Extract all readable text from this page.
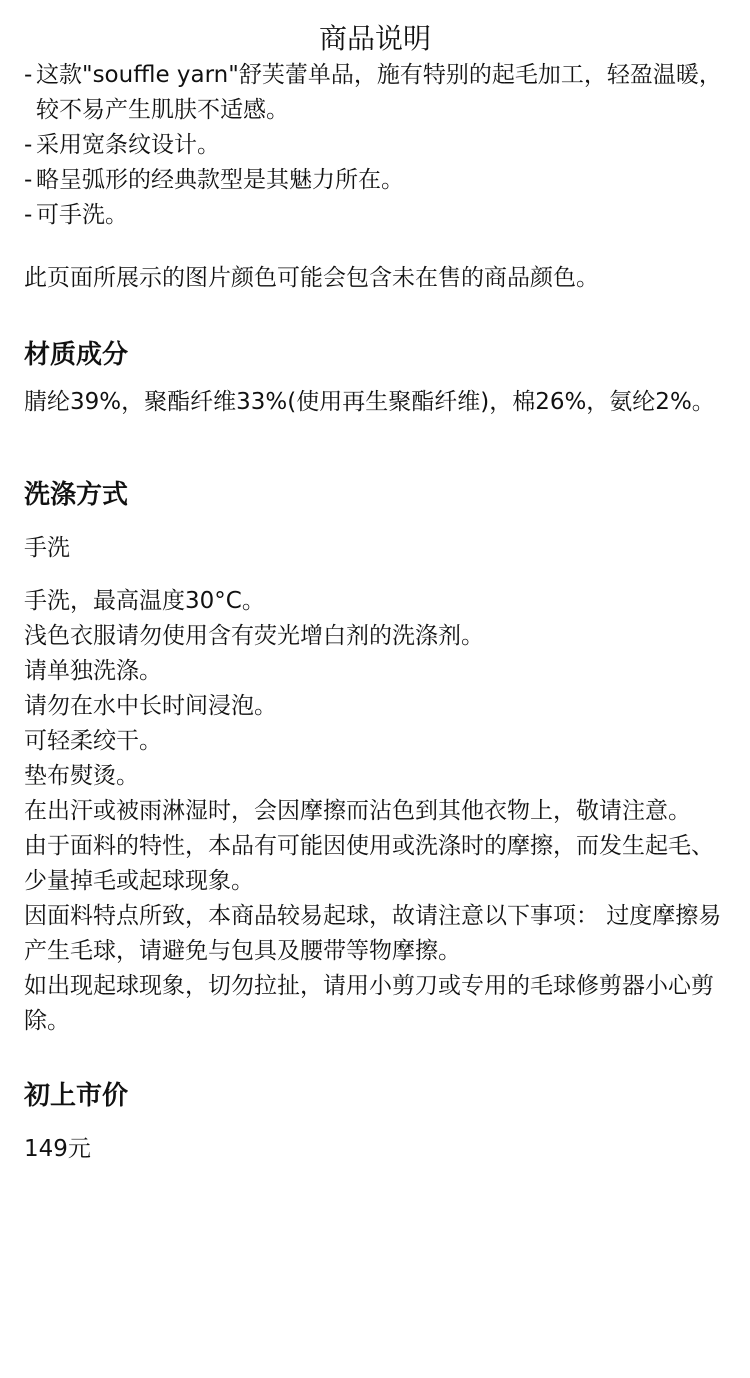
商品说明
- 这款"souffle yarn"舒芙蕾单品，施有特别的起毛加工，轻盈温暖，较不易产生肌肤不适感。
- 采用宽条纹设计。
- 略呈弧形的经典款型是其魅力所在。
- 可手洗。
此页面所展示的图片颜色可能会包含未在售的商品颜色。
材质成分
腈纶39%，聚酯纤维33%(使用再生聚酯纤维)，棉26%，氨纶2%。
洗涤方式
手洗
手洗，最高温度30°C。
浅色衣服请勿使用含有荧光增白剂的洗涤剂。
请单独洗涤。
请勿在水中长时间浸泡。
可轻柔绞干。
垫布熨烫。
在出汗或被雨淋湿时，会因摩擦而沾色到其他衣物上，敬请注意。
由于面料的特性，本品有可能因使用或洗涤时的摩擦，而发生起毛、少量掉毛或起球现象。
因面料特点所致，本商品较易起球，故请注意以下事项： 过度摩擦易产生毛球，请避免与包具及腰带等物摩擦。
如出现起球现象，切勿拉扯，请用小剪刀或专用的毛球修剪器小心剪除。
初上市价
149元
